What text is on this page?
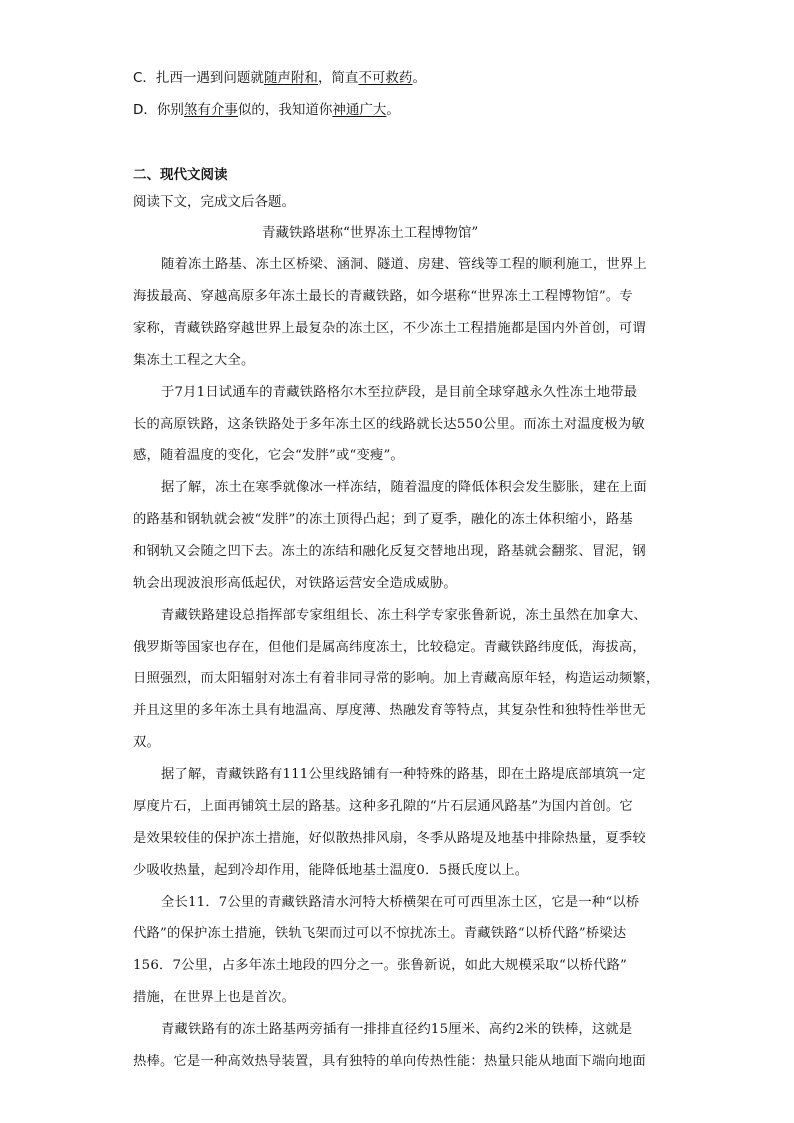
C．扎西一遇到问题就随声附和，简直不可救药。
D．你别煞有介事似的，我知道你神通广大。
二、现代文阅读
阅读下文，完成文后各题。
青藏铁路堪称“世界冻土工程博物馆”
随着冻土路基、冻土区桥梁、涵洞、隧道、房建、管线等工程的顺利施工，世界上
海拔最高、穿越高原多年冻土最长的青藏铁路，如今堪称“世界冻土工程博物馆”。专
家称，青藏铁路穿越世界上最复杂的冻土区，不少冻土工程措施都是国内外首创，可谓
集冻土工程之大全。
于7月1日试通车的青藏铁路格尔木至拉萨段，是目前全球穿越永久性冻土地带最
长的高原铁路，这条铁路处于多年冻土区的线路就长达550公里。而冻土对温度极为敏
感，随着温度的变化，它会“发胖”或“变瘦”。
据了解，冻土在寒季就像冰一样冻结，随着温度的降低体积会发生膨胀，建在上面
的路基和钢轨就会被“发胖”的冻土顶得凸起；到了夏季，融化的冻土体积缩小，路基
和钢轨又会随之凹下去。冻土的冻结和融化反复交替地出现，路基就会翻浆、冒泥，钢
轨会出现波浪形高低起伏，对铁路运营安全造成威胁。
青藏铁路建设总指挥部专家组组长、冻土科学专家张鲁新说，冻土虽然在加拿大、
俄罗斯等国家也存在，但他们是属高纬度冻土，比较稳定。青藏铁路纬度低，海拔高，
日照强烈，而太阳辐射对冻土有着非同寻常的影响。加上青藏高原年轻，构造运动频繁，
并且这里的多年冻土具有地温高、厚度薄、热融发育等特点，其复杂性和独特性举世无
双。
据了解，青藏铁路有111公里线路铺有一种特殊的路基，即在土路堤底部填筑一定
厚度片石，上面再铺筑土层的路基。这种多孔隙的“片石层通风路基”为国内首创。它
是效果较佳的保护冻土措施，好似散热排风扇，冬季从路堤及地基中排除热量，夏季较
少吸收热量，起到冷却作用，能降低地基土温度0．5摄氏度以上。
全长11．7公里的青藏铁路清水河特大桥横架在可可西里冻土区，它是一种“以桥
代路”的保护冻土措施，铁轨飞架而过可以不惊扰冻土。青藏铁路“以桥代路”桥梁达
156．7公里，占多年冻土地段的四分之一。张鲁新说，如此大规模采取“以桥代路”
措施，在世界上也是首次。
青藏铁路有的冻土路基两旁插有一排排直径约15厘米、高约2米的铁棒，这就是
热棒。它是一种高效热导装置，具有独特的单向传热性能：热量只能从地面下端向地面
